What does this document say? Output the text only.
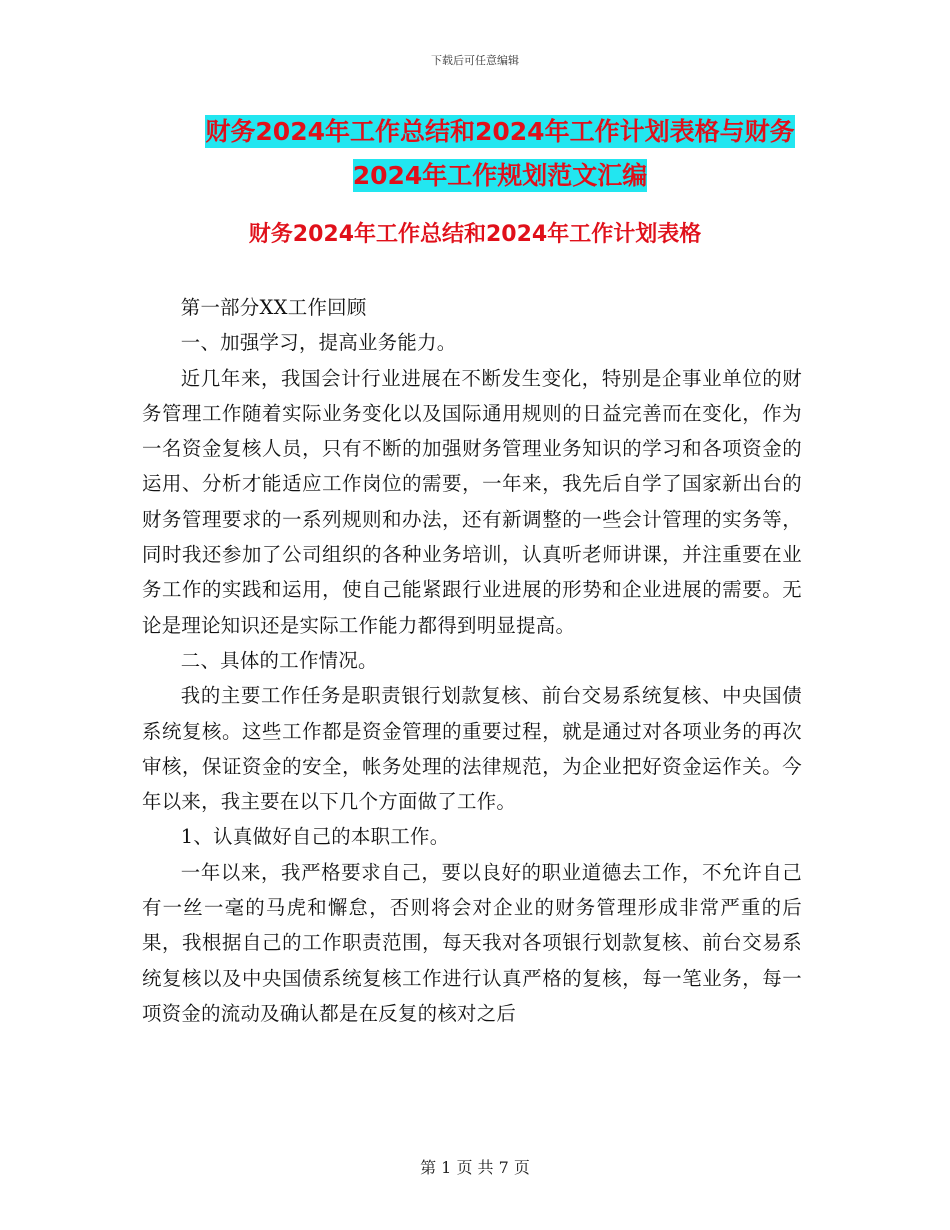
下载后可任意编辑
财务2024年工作总结和2024年工作计划表格与财务
2024年工作规划范文汇编
财务2024年工作总结和2024年工作计划表格

第一部分XX工作回顾

一、加强学习，提高业务能力。

近几年来，我国会计行业进展在不断发生变化，特别是企事业单位的财务管理工作随着实际业务变化以及国际通用规则的日益完善而在变化，作为一名资金复核人员，只有不断的加强财务管理业务知识的学习和各项资金的运用、分析才能适应工作岗位的需要，一年来，我先后自学了国家新出台的财务管理要求的一系列规则和办法，还有新调整的一些会计管理的实务等，同时我还参加了公司组织的各种业务培训，认真听老师讲课，并注重要在业务工作的实践和运用，使自己能紧跟行业进展的形势和企业进展的需要。无论是理论知识还是实际工作能力都得到明显提高。

二、具体的工作情况。

我的主要工作任务是职责银行划款复核、前台交易系统复核、中央国债系统复核。这些工作都是资金管理的重要过程，就是通过对各项业务的再次审核，保证资金的安全，帐务处理的法律规范，为企业把好资金运作关。今年以来，我主要在以下几个方面做了工作。

1、认真做好自己的本职工作。

一年以来，我严格要求自己，要以良好的职业道德去工作，不允许自己有一丝一毫的马虎和懈怠，否则将会对企业的财务管理形成非常严重的后果，我根据自己的工作职责范围，每天我对各项银行划款复核、前台交易系统复核以及中央国债系统复核工作进行认真严格的复核，每一笔业务，每一项资金的流动及确认都是在反复的核对之后

第 1 页 共 7 页
